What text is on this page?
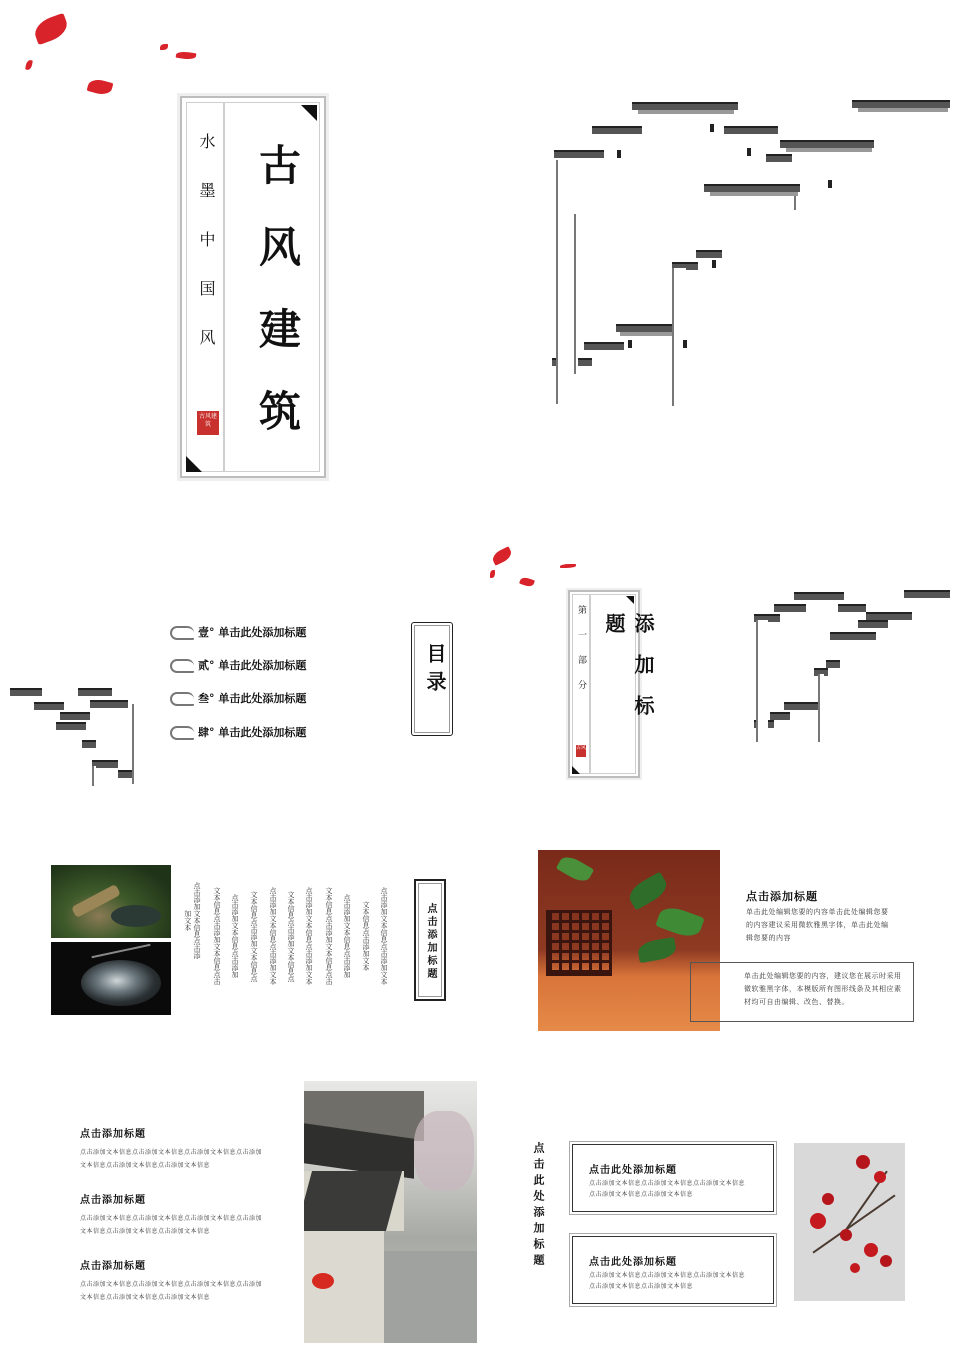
水墨中国风
古风建筑 古风建筑
壹° 单击此处添加标题
贰° 单击此处添加标题
叁° 单击此处添加标题
肆° 单击此处添加标题
目录	第一部分
古风
添加标题
点击添加文本信息点击添加文本	文本信息点击添加文本信息点击 点击添加文本信息点击添加 文本信息点击添加文本信息点 点击添加文本信息点击添加文本 文本信息点击添加文本信息点 点击添加文本信息点击添加文本 文本信息点击添加文本信息点击 点击添加文本信息点击添加 文本信息点击添加文本 点击添加文本信息点击添加文本	点击添加标题
点击添加标题
单击此处编辑您要的内容单击此处编辑您要的内容建议采用微软雅黑字体，单击此处编辑您要的内容
单击此处编辑您要的内容，建议您在展示时采用微软雅黑字体，本模版所有图形线条及其相应素材均可自由编辑、改色、替换。
点击添加标题
点击添加文本信息点击添加文本信息点击添加文本信息点击添加
文本信息点击添加文本信息点击添加文本信息
点击添加标题
点击添加文本信息点击添加文本信息点击添加文本信息点击添加
文本信息点击添加文本信息点击添加文本信息
点击添加标题
点击添加文本信息点击添加文本信息点击添加文本信息点击添加
文本信息点击添加文本信息点击添加文本信息
点击此处添加标题	点击此处添加标题
点击添加文本信息点击添加文本信息点击添加文本信息
点击添加文本信息点击添加文本信息
点击此处添加标题
点击添加文本信息点击添加文本信息点击添加文本信息
点击添加文本信息点击添加文本信息
